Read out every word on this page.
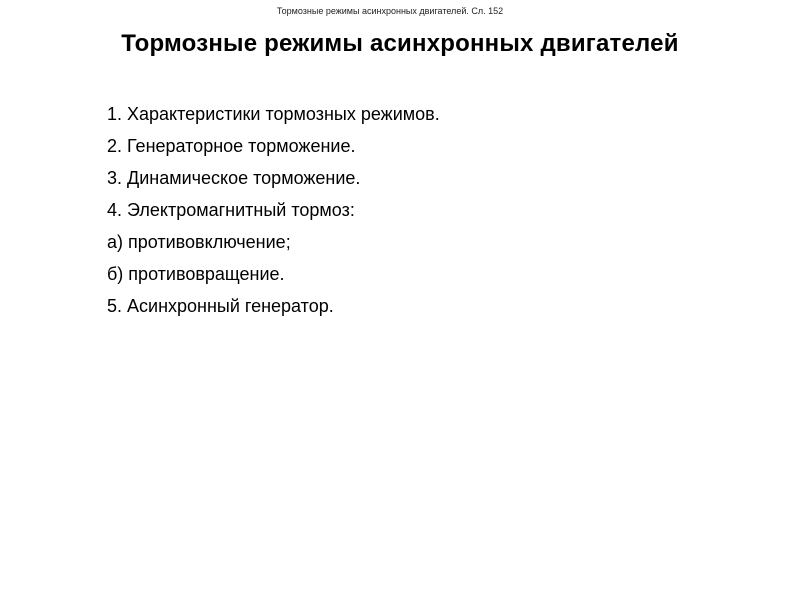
Тормозные режимы асинхронных двигателей. Сл. 152
Тормозные режимы асинхронных двигателей
1. Характеристики тормозных режимов.
2. Генераторное торможение.
3. Динамическое торможение.
4. Электромагнитный тормоз:
а) противовключение;
б) противовращение.
5. Асинхронный генератор.
